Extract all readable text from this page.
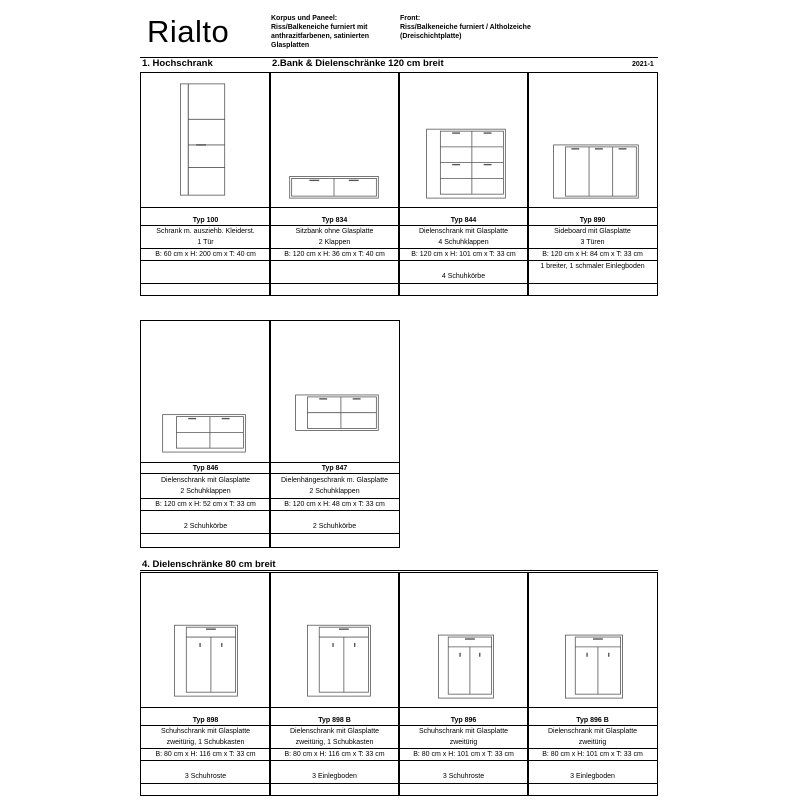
Rialto	Korpus und Paneel:
Riss/Balkeneiche furniert mit anthrazitfarbenen, satinierten Glasplatten
Front:
Riss/Balkeneiche furniert / Altholzeiche (Dreischichtplatte)
1. Hochschrank	2.Bank & Dielenschränke 120 cm breit	2021-1
Typ 100
Schrank m. ausziehb. Kleiderst.
1 Tür
B: 60 cm x H: 200 cm x T: 40 cm
Typ 834
Sitzbank ohne Glasplatte
2 Klappen
B: 120 cm x H: 36 cm x T: 40 cm
Typ 844
Dielenschrank mit Glasplatte
4 Schuhklappen
B: 120 cm x H: 101 cm x T: 33 cm
4 Schuhkörbe
Typ 890
Sideboard mit Glasplatte
3 Türen
B: 120 cm x H: 84 cm x T: 33 cm
1 breiter, 1 schmaler Einlegboden
Typ 846
Dielenschrank mit Glasplatte
2 Schuhklappen
B: 120 cm x H: 52 cm x T: 33 cm
2 Schuhkörbe
Typ 847
Dielenhängeschrank m. Glasplatte
2 Schuhklappen
B: 120 cm x H: 48 cm x T: 33 cm
2 Schuhkörbe
4. Dielenschränke 80 cm breit
Typ 898
Schuhschrank mit Glasplatte
zweitürig, 1 Schubkasten
B: 80 cm x H: 116 cm x T: 33 cm
3 Schuhroste
Typ 898 B
Dielenschrank mit Glasplatte
zweitürig, 1 Schubkasten
B: 80 cm x H: 116 cm x T: 33 cm
3 Einlegboden
Typ 896
Schuhschrank mit Glasplatte
zweitürig
B: 80 cm x H: 101 cm x T: 33 cm
3 Schuhroste
Typ 896 B
Dielenschrank mit Glasplatte
zweitürig
B: 80 cm x H: 101 cm x T: 33 cm
3 Einlegboden
